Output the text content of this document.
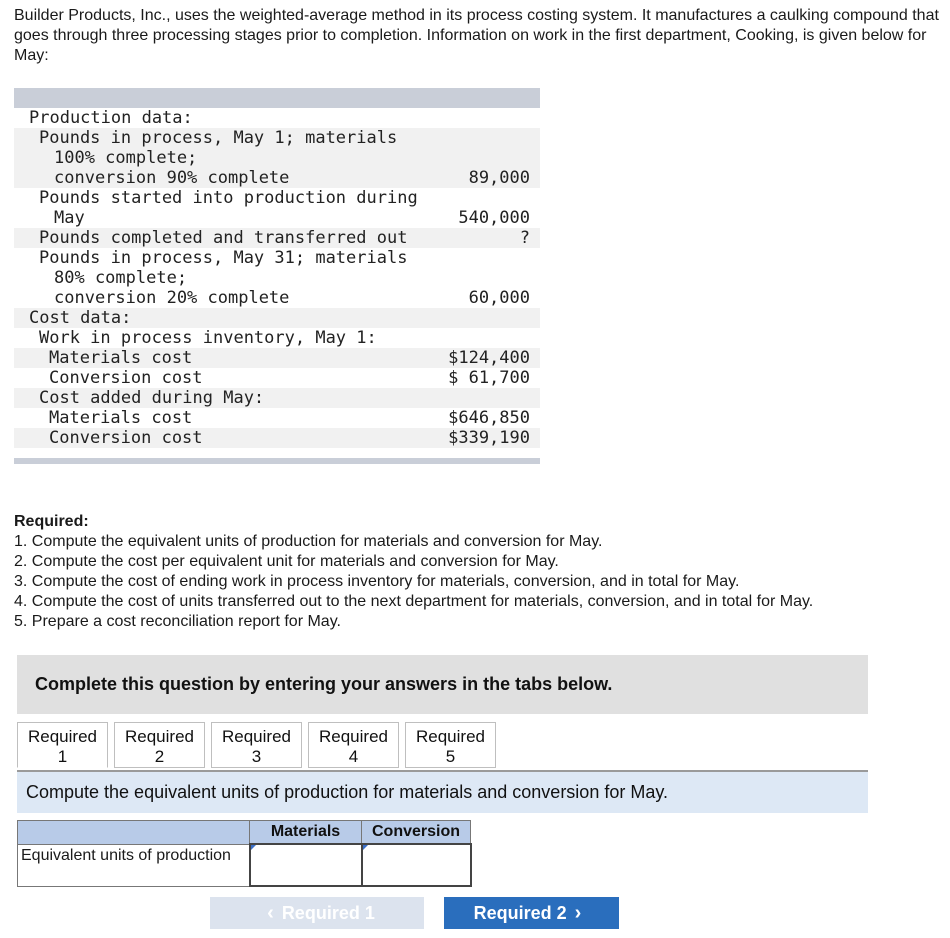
Builder Products, Inc., uses the weighted-average method in its process costing system. It manufactures a caulking compound that goes through three processing stages prior to completion. Information on work in the first department, Cooking, is given below for May:

Production data:
Pounds in process, May 1; materials
100% complete;
conversion 90% complete	89,000
Pounds started into production during
May	540,000
Pounds completed and transferred out	?
Pounds in process, May 31; materials
80% complete;
conversion 20% complete	60,000
Cost data:
Work in process inventory, May 1:
Materials cost	$124,400
Conversion cost	$ 61,700
Cost added during May:
Materials cost	$646,850
Conversion cost	$339,190
Required:
1. Compute the equivalent units of production for materials and conversion for May.
2. Compute the cost per equivalent unit for materials and conversion for May.
3. Compute the cost of ending work in process inventory for materials, conversion, and in total for May.
4. Compute the cost of units transferred out to the next department for materials, conversion, and in total for May.
5. Prepare a cost reconciliation report for May.
Complete this question by entering your answers in the tabs below.
Required
1
Required
2
Required
3
Required
4
Required
5
Compute the equivalent units of production for materials and conversion for May.
	Materials	Conversion
Equivalent units of production	

‹ Required 1	Required 2 ›
